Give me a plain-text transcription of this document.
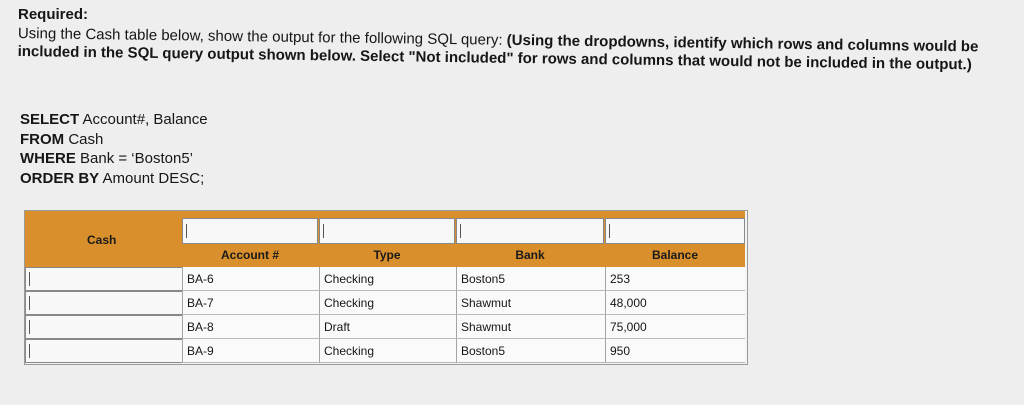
Required:

Using the Cash table below, show the output for the following SQL query: (Using the dropdowns, identify which rows and columns would be included in the SQL query output shown below. Select "Not included" for rows and columns that would not be included in the output.)

SELECT Account#, Balance
FROM Cash
WHERE Bank = ‘Boston5’
ORDER BY Amount DESC;
Cash
Account #	Type	Bank	Balance
BA-6	Checking	Boston5	253
BA-7	Checking	Shawmut	48,000
BA-8	Draft	Shawmut	75,000
BA-9	Checking	Boston5	950
